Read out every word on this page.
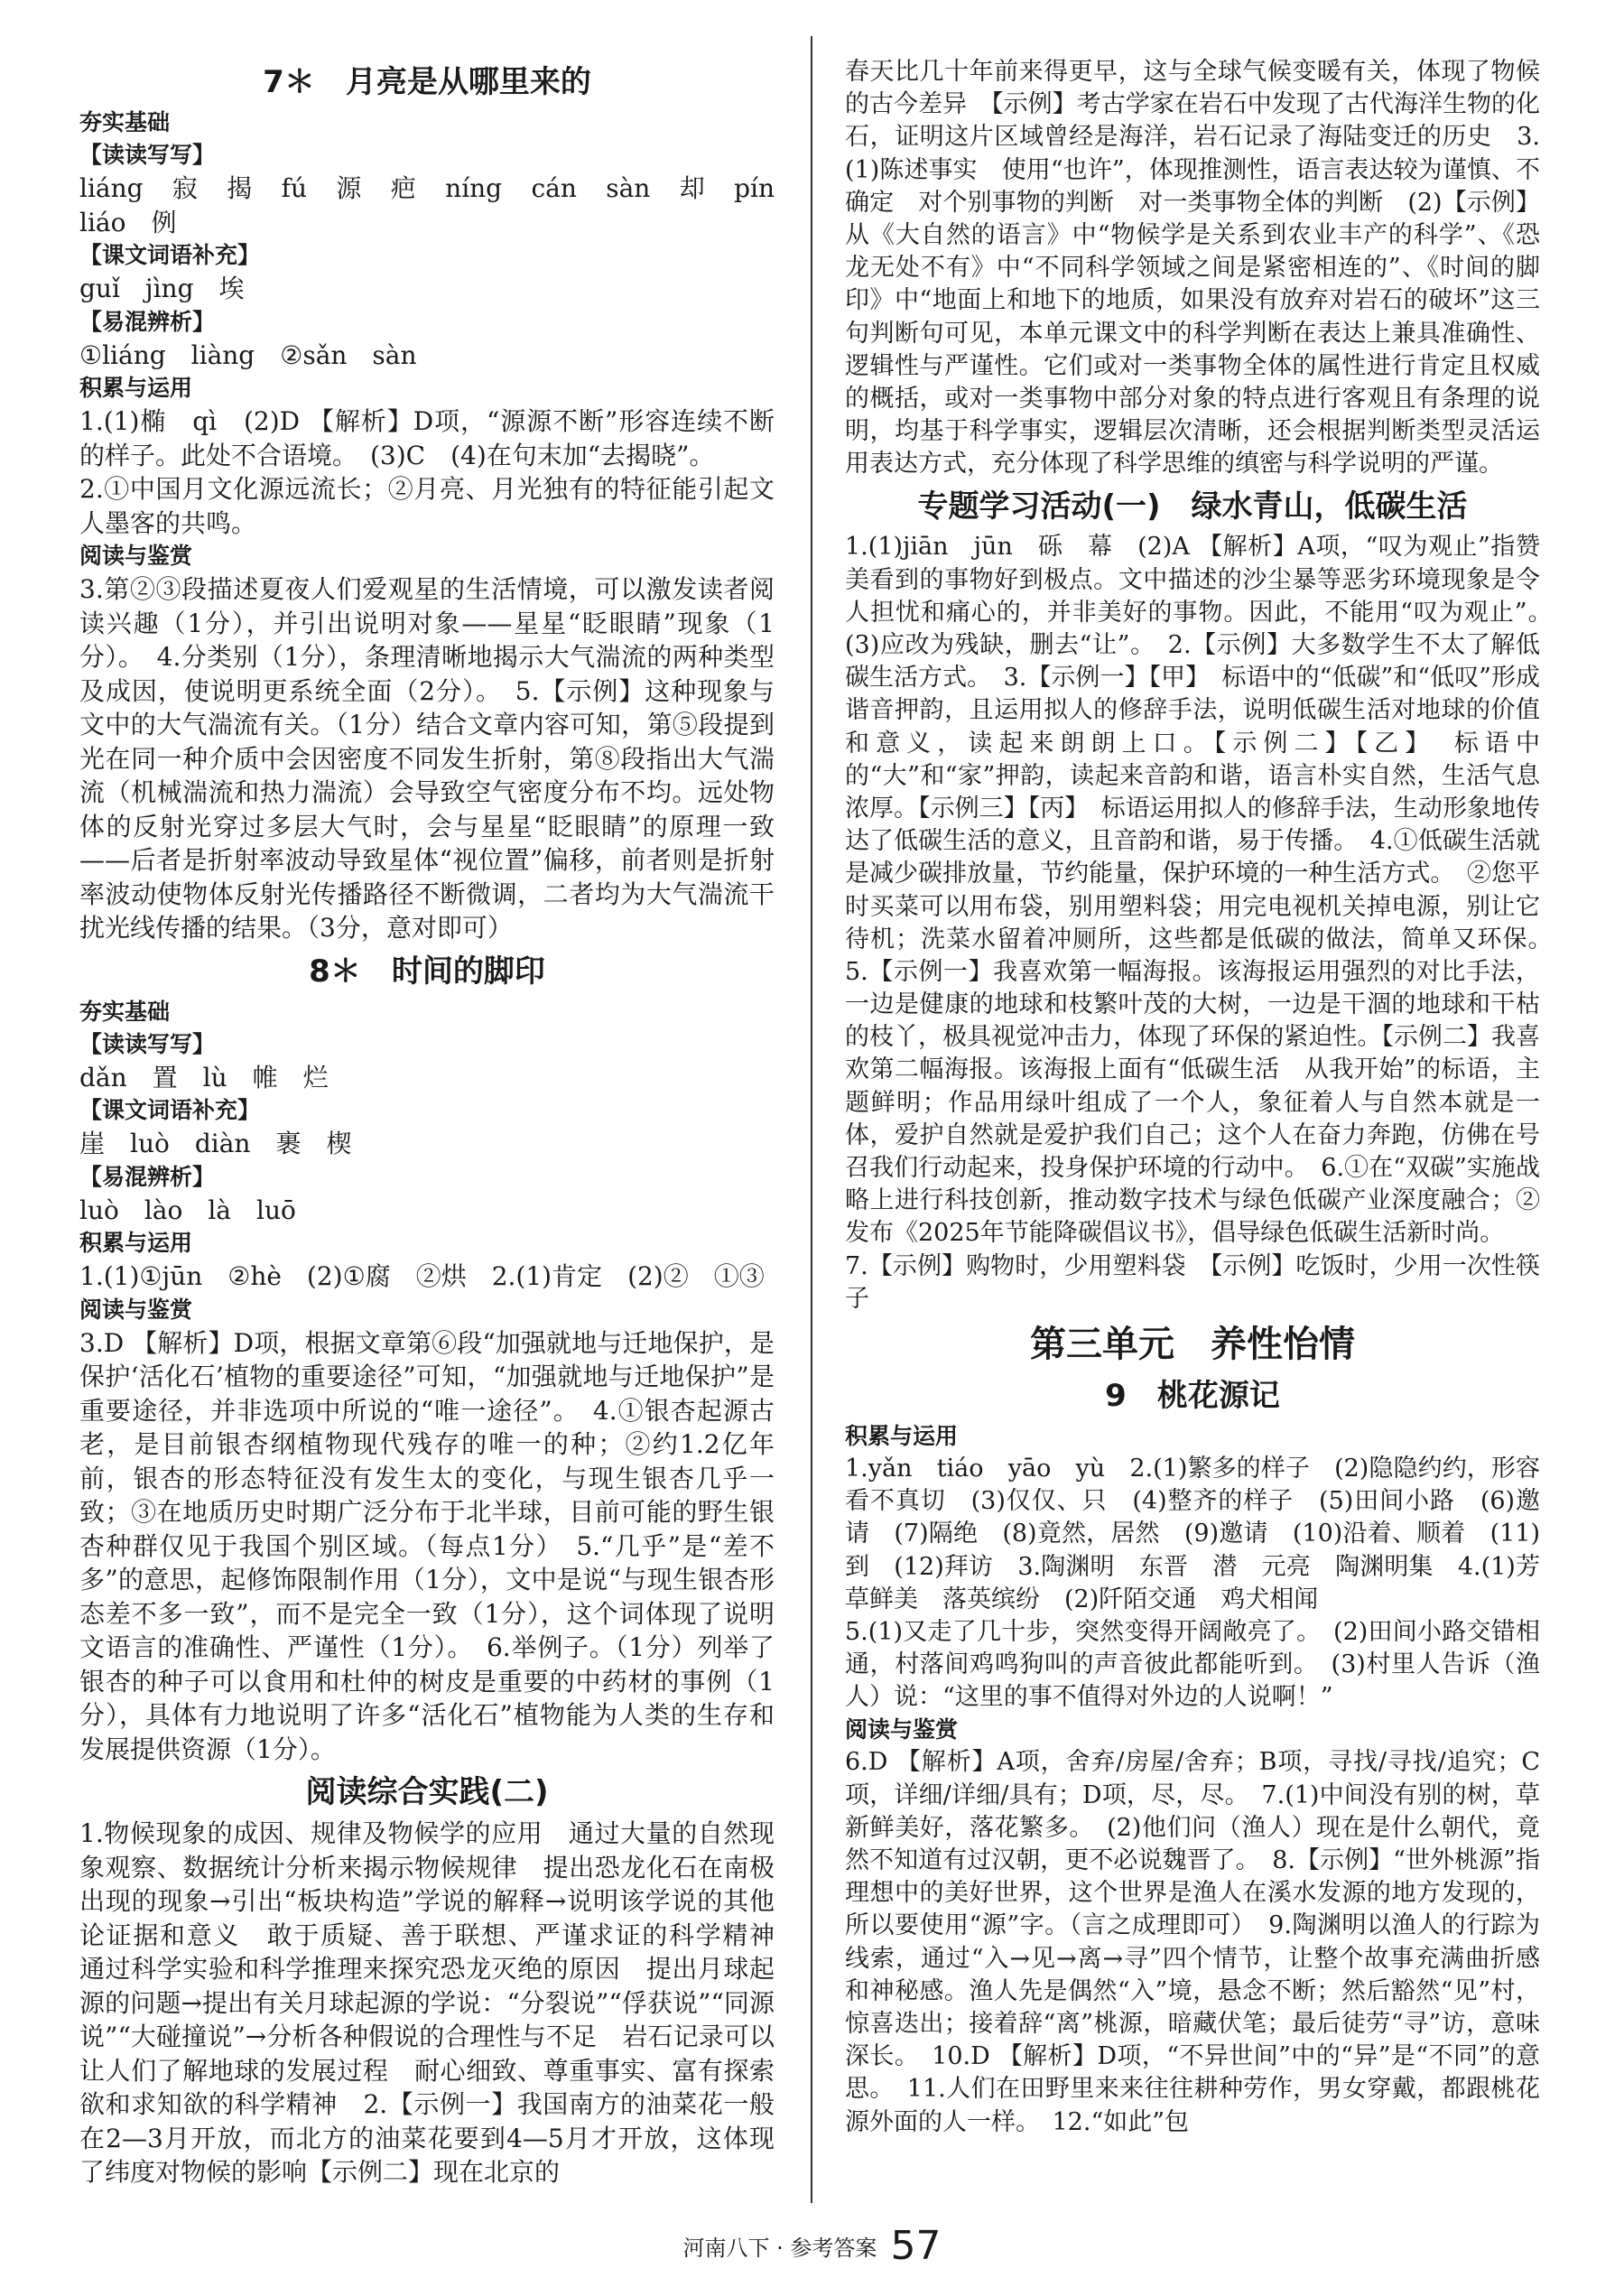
7＊　月亮是从哪里来的
夯实基础
【读读写写】
liáng　寂　揭　fú　源　疤　níng　cán　sàn　却　pín　liáo　例
【课文词语补充】
guǐ　jìng　埃
【易混辨析】
①liáng　liàng　②sǎn　sàn
积累与运用
1.(1)椭　qì　(2)D 【解析】D项，“源源不断”形容连续不断的样子。此处不合语境。　(3)C　(4)在句末加“去揭晓”。
2.①中国月文化源远流长；②月亮、月光独有的特征能引起文人墨客的共鸣。
阅读与鉴赏
3.第②③段描述夏夜人们爱观星的生活情境，可以激发读者阅读兴趣（1分），并引出说明对象——星星“眨眼睛”现象（1分）。　4.分类别（1分），条理清晰地揭示大气湍流的两种类型及成因，使说明更系统全面（2分）。　5.【示例】这种现象与文中的大气湍流有关。（1分）结合文章内容可知，第⑤段提到光在同一种介质中会因密度不同发生折射，第⑧段指出大气湍流（机械湍流和热力湍流）会导致空气密度分布不均。远处物体的反射光穿过多层大气时，会与星星“眨眼睛”的原理一致——后者是折射率波动导致星体“视位置”偏移，前者则是折射率波动使物体反射光传播路径不断微调，二者均为大气湍流干扰光线传播的结果。（3分，意对即可）
8＊　时间的脚印
夯实基础
【读读写写】
dǎn　置　lù　帷　烂
【课文词语补充】
崖　luò　diàn　裹　楔
【易混辨析】
luò　lào　là　luō
积累与运用
1.(1)①jūn　②hè　(2)①腐　②烘　2.(1)肯定　(2)②　①③
阅读与鉴赏
3.D 【解析】D项，根据文章第⑥段“加强就地与迁地保护，是保护‘活化石’植物的重要途径”可知，“加强就地与迁地保护”是重要途径，并非选项中所说的“唯一途径”。　4.①银杏起源古老，是目前银杏纲植物现代残存的唯一的种；②约1.2亿年前，银杏的形态特征没有发生太的变化，与现生银杏几乎一致；③在地质历史时期广泛分布于北半球，目前可能的野生银杏种群仅见于我国个别区域。（每点1分）　5.“几乎”是“差不多”的意思，起修饰限制作用（1分），文中是说“与现生银杏形态差不多一致”，而不是完全一致（1分），这个词体现了说明文语言的准确性、严谨性（1分）。　6.举例子。（1分）列举了银杏的种子可以食用和杜仲的树皮是重要的中药材的事例（1分），具体有力地说明了许多“活化石”植物能为人类的生存和发展提供资源（1分）。
阅读综合实践(二)
1.物候现象的成因、规律及物候学的应用　通过大量的自然现象观察、数据统计分析来揭示物候规律　提出恐龙化石在南极出现的现象→引出“板块构造”学说的解释→说明该学说的其他论证据和意义　敢于质疑、善于联想、严谨求证的科学精神　通过科学实验和科学推理来探究恐龙灭绝的原因　提出月球起源的问题→提出有关月球起源的学说：“分裂说”“俘获说”“同源说”“大碰撞说”→分析各种假说的合理性与不足　岩石记录可以让人们了解地球的发展过程　耐心细致、尊重事实、富有探索欲和求知欲的科学精神　2.【示例一】我国南方的油菜花一般在2—3月开放，而北方的油菜花要到4—5月才开放，这体现了纬度对物候的影响【示例二】现在北京的
春天比几十年前来得更早，这与全球气候变暖有关，体现了物候的古今差异　【示例】考古学家在岩石中发现了古代海洋生物的化石，证明这片区域曾经是海洋，岩石记录了海陆变迁的历史　3.(1)陈述事实　使用“也许”，体现推测性，语言表达较为谨慎、不确定　对个别事物的判断　对一类事物全体的判断　(2)【示例】从《大自然的语言》中“物候学是关系到农业丰产的科学”、《恐龙无处不有》中“不同科学领域之间是紧密相连的”、《时间的脚印》中“地面上和地下的地质，如果没有放弃对岩石的破坏”这三句判断句可见，本单元课文中的科学判断在表达上兼具准确性、逻辑性与严谨性。它们或对一类事物全体的属性进行肯定且权威的概括，或对一类事物中部分对象的特点进行客观且有条理的说明，均基于科学事实，逻辑层次清晰，还会根据判断类型灵活运用表达方式，充分体现了科学思维的缜密与科学说明的严谨。
专题学习活动(一)　绿水青山，低碳生活
1.(1)jiān　jūn　砾　幕　(2)A 【解析】A项，“叹为观止”指赞美看到的事物好到极点。文中描述的沙尘暴等恶劣环境现象是令人担忧和痛心的，并非美好的事物。因此，不能用“叹为观止”。　(3)应改为残缺，删去“让”。　2.【示例】大多数学生不太了解低碳生活方式。　3.【示例一】【甲】　标语中的“低碳”和“低叹”形成谐音押韵，且运用拟人的修辞手法，说明低碳生活对地球的价值和意义，读起来朗朗上口。【示例二】【乙】　标语中的“大”和“家”押韵，读起来音韵和谐，语言朴实自然，生活气息浓厚。【示例三】【丙】　标语运用拟人的修辞手法，生动形象地传达了低碳生活的意义，且音韵和谐，易于传播。　4.①低碳生活就是减少碳排放量，节约能量，保护环境的一种生活方式。　②您平时买菜可以用布袋，别用塑料袋；用完电视机关掉电源，别让它待机；洗菜水留着冲厕所，这些都是低碳的做法，简单又环保。　5.【示例一】我喜欢第一幅海报。该海报运用强烈的对比手法，一边是健康的地球和枝繁叶茂的大树，一边是干涸的地球和干枯的枝丫，极具视觉冲击力，体现了环保的紧迫性。【示例二】我喜欢第二幅海报。该海报上面有“低碳生活　从我开始”的标语，主题鲜明；作品用绿叶组成了一个人，象征着人与自然本就是一体，爱护自然就是爱护我们自己；这个人在奋力奔跑，仿佛在号召我们行动起来，投身保护环境的行动中。　6.①在“双碳”实施战略上进行科技创新，推动数字技术与绿色低碳产业深度融合；②发布《2025年节能降碳倡议书》，倡导绿色低碳生活新时尚。
7.【示例】购物时，少用塑料袋　【示例】吃饭时，少用一次性筷子
第三单元　养性怡情
9　桃花源记
积累与运用
1.yǎn　tiáo　yāo　yù　2.(1)繁多的样子　(2)隐隐约约，形容看不真切　(3)仅仅、只　(4)整齐的样子　(5)田间小路　(6)邀请　(7)隔绝　(8)竟然，居然　(9)邀请　(10)沿着、顺着　(11)到　(12)拜访　3.陶渊明　东晋　潜　元亮　陶渊明集　4.(1)芳草鲜美　落英缤纷　(2)阡陌交通　鸡犬相闻
5.(1)又走了几十步，突然变得开阔敞亮了。　(2)田间小路交错相通，村落间鸡鸣狗叫的声音彼此都能听到。　(3)村里人告诉（渔人）说：“这里的事不值得对外边的人说啊！”
阅读与鉴赏
6.D 【解析】A项，舍弃/房屋/舍弃；B项，寻找/寻找/追究；C项，详细/详细/具有；D项，尽，尽。　7.(1)中间没有别的树，草新鲜美好，落花繁多。　(2)他们问（渔人）现在是什么朝代，竟然不知道有过汉朝，更不必说魏晋了。　8.【示例】“世外桃源”指理想中的美好世界，这个世界是渔人在溪水发源的地方发现的，所以要使用“源”字。（言之成理即可）　9.陶渊明以渔人的行踪为线索，通过“入→见→离→寻”四个情节，让整个故事充满曲折感和神秘感。渔人先是偶然“入”境，悬念不断；然后豁然“见”村，惊喜迭出；接着辞“离”桃源，暗藏伏笔；最后徒劳“寻”访，意味深长。　10.D 【解析】D项，“不异世间”中的“异”是“不同”的意思。　11.人们在田野里来来往往耕种劳作，男女穿戴，都跟桃花源外面的人一样。　12.“如此”包
河南八下 · 参考答案 57
